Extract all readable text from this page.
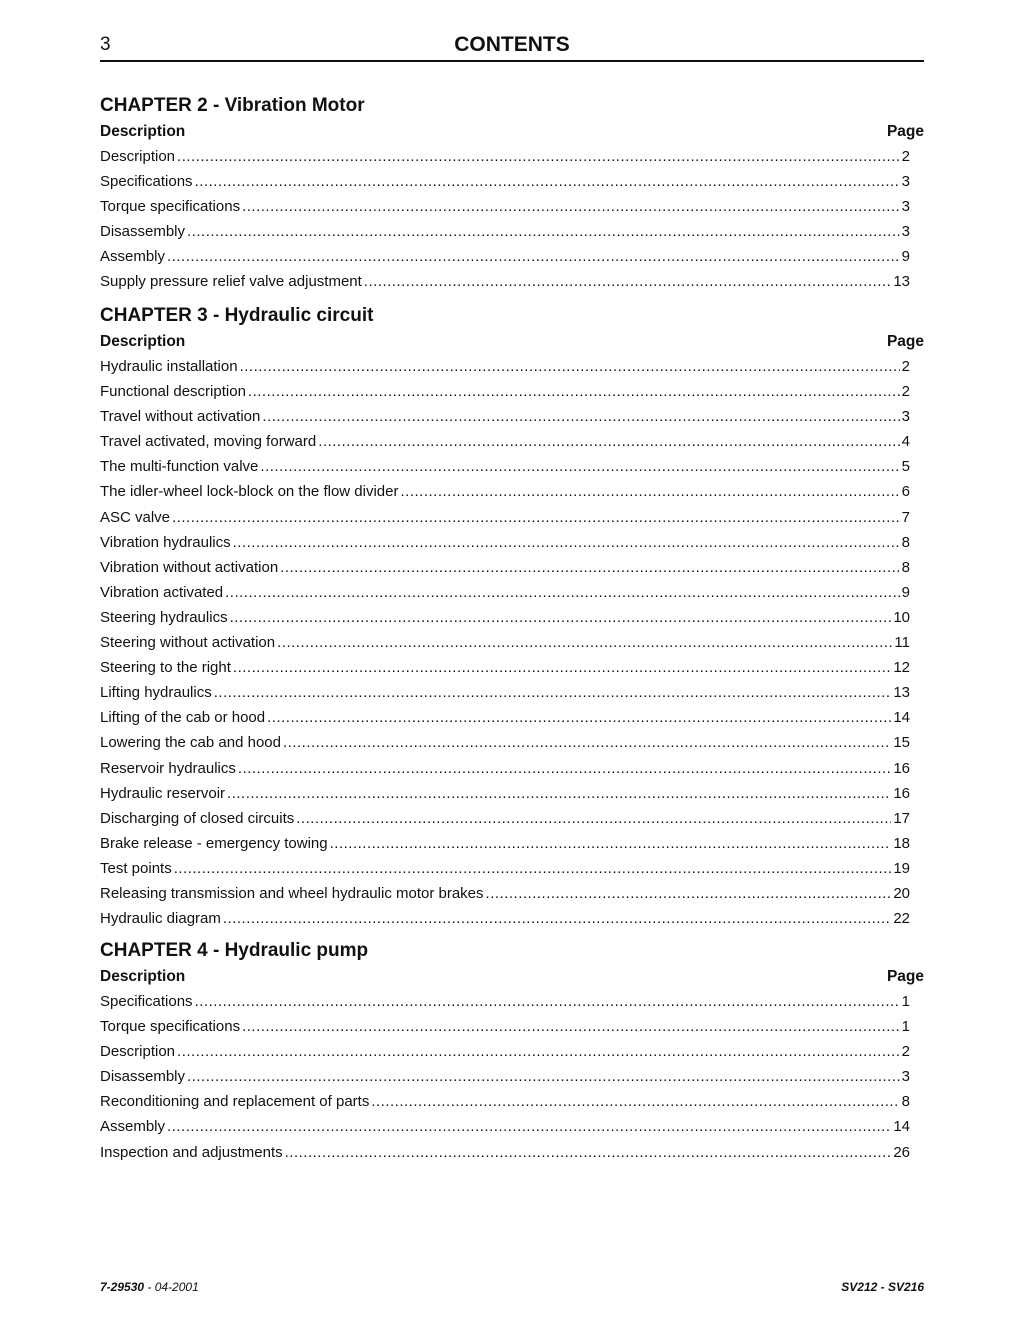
3	CONTENTS
CHAPTER 2 - Vibration Motor
Description	Page
Description .....	2
Specifications .....	3
Torque specifications .....	3
Disassembly .....	3
Assembly .....	9
Supply pressure relief valve adjustment .....	13
CHAPTER 3 - Hydraulic circuit
Description	Page
Hydraulic installation .....	2
Functional description .....	2
Travel without activation .....	3
Travel activated, moving forward .....	4
The multi-function valve .....	5
The idler-wheel lock-block on the flow divider .....	6
ASC valve .....	7
Vibration hydraulics .....	8
Vibration without activation .....	8
Vibration activated .....	9
Steering hydraulics .....	10
Steering without activation .....	11
Steering to the right .....	12
Lifting hydraulics .....	13
Lifting of the cab or hood .....	14
Lowering the cab and hood .....	15
Reservoir hydraulics .....	16
Hydraulic reservoir .....	16
Discharging of closed circuits .....	17
Brake release - emergency towing .....	18
Test points .....	19
Releasing transmission and wheel hydraulic motor brakes .....	20
Hydraulic diagram .....	22
CHAPTER 4 - Hydraulic pump
Description	Page
Specifications .....	1
Torque specifications .....	1
Description .....	2
Disassembly .....	3
Reconditioning and replacement of parts .....	8
Assembly .....	14
Inspection and adjustments .....	26
7-29530 - 04-2001	SV212 - SV216
